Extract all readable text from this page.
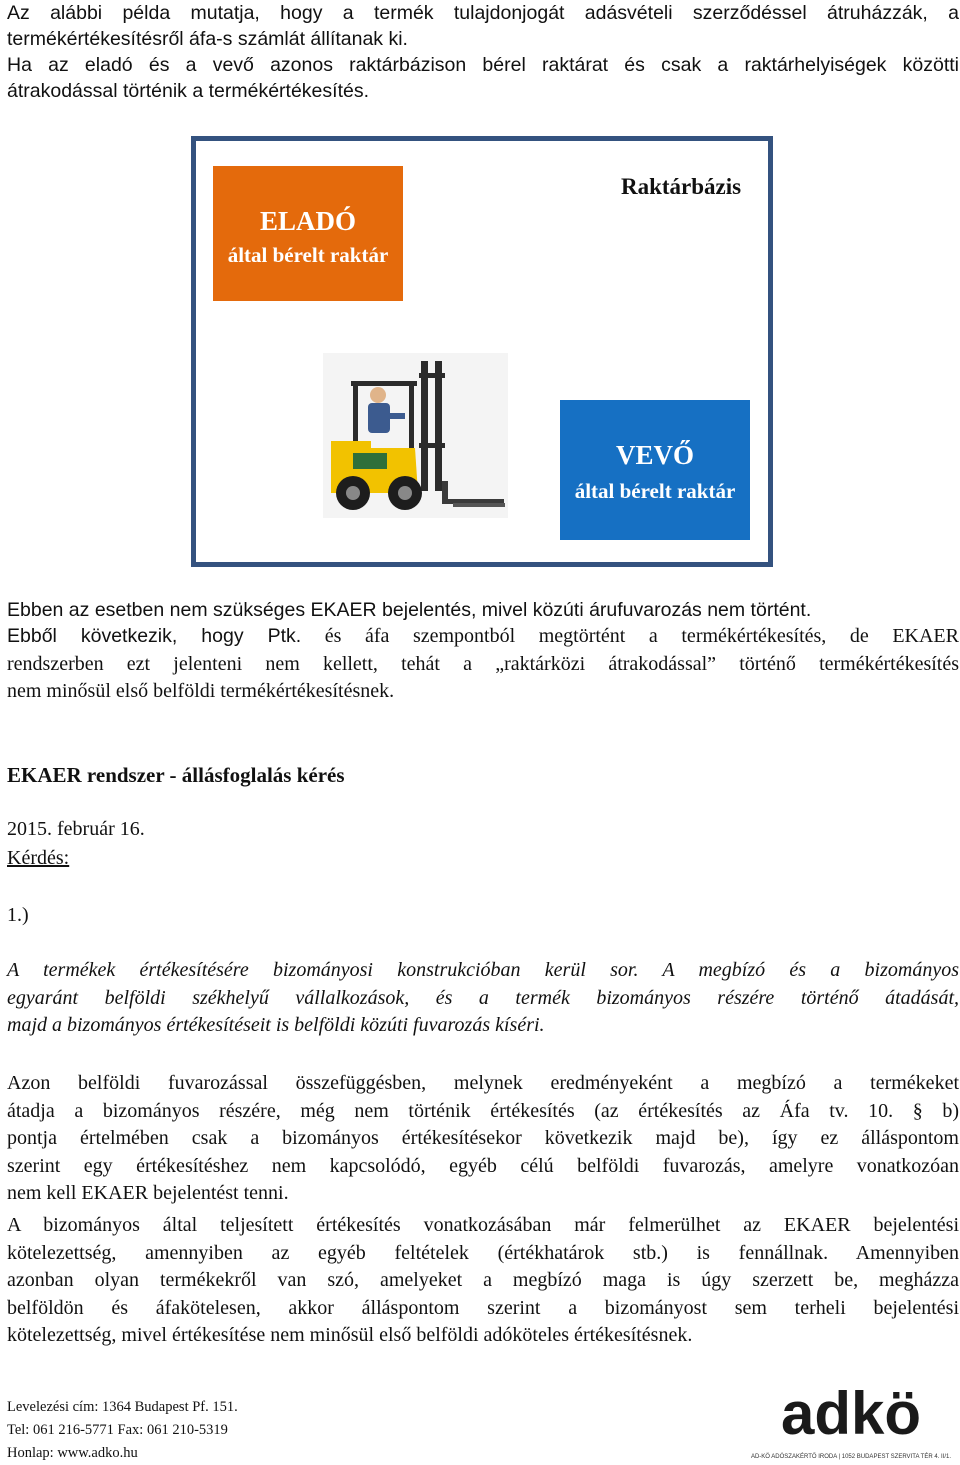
Az alábbi példa mutatja, hogy a termék tulajdonjogát adásvételi szerződéssel átruházzák, a
termékértékesítésről áfa-s számlát állítanak ki.
Ha az eladó és a vevő azonos raktárbázison bérel raktárat és csak a raktárhelyiségek közötti
átrakodással történik a termékértékesítés.
ELADÓ
által bérelt raktár
Raktárbázis
VEVŐ
által bérelt raktár
Ebben az esetben nem szükséges EKAER bejelentés, mivel közúti árufuvarozás nem történt.
Ebből következik, hogy Ptk. és áfa szempontból megtörtént a termékértékesítés, de EKAER
rendszerben ezt jelenteni nem kellett, tehát a „raktárközi átrakodással” történő termékértékesítés
nem minősül első belföldi termékértékesítésnek.
EKAER rendszer - állásfoglalás kérés
2015. február 16.
Kérdés:
1.)
A termékek értékesítésére bizományosi konstrukcióban kerül sor. A megbízó és a bizományos
egyaránt belföldi székhelyű vállalkozások, és a termék bizományos részére történő átadását,
majd a bizományos értékesítéseit is belföldi közúti fuvarozás kíséri.
Azon belföldi fuvarozással összefüggésben, melynek eredményeként a megbízó a termékeket
átadja a bizományos részére, még nem történik értékesítés (az értékesítés az Áfa tv. 10. § b)
pontja értelmében csak a bizományos értékesítésekor következik majd be), így ez álláspontom
szerint egy értékesítéshez nem kapcsolódó, egyéb célú belföldi fuvarozás, amelyre vonatkozóan
nem kell EKAER bejelentést tenni.
A bizományos által teljesített értékesítés vonatkozásában már felmerülhet az EKAER bejelentési
kötelezettség, amennyiben az egyéb feltételek (értékhatárok stb.) is fennállnak. Amennyiben
azonban olyan termékekről van szó, amelyeket a megbízó maga is úgy szerzett be, megházza
belföldön és áfakötelesen, akkor álláspontom szerint a bizományost sem terheli bejelentési
kötelezettség, mivel értékesítése nem minősül első belföldi adóköteles értékesítésnek.
Levelezési cím: 1364 Budapest Pf. 151.
Tel: 061 216-5771 Fax: 061 210-5319
Honlap: www.adko.hu
adkö
AD-KÖ ADÓSZAKÉRTŐ IRODA | 1052 BUDAPEST SZERVITA TÉR 4. II/1.
